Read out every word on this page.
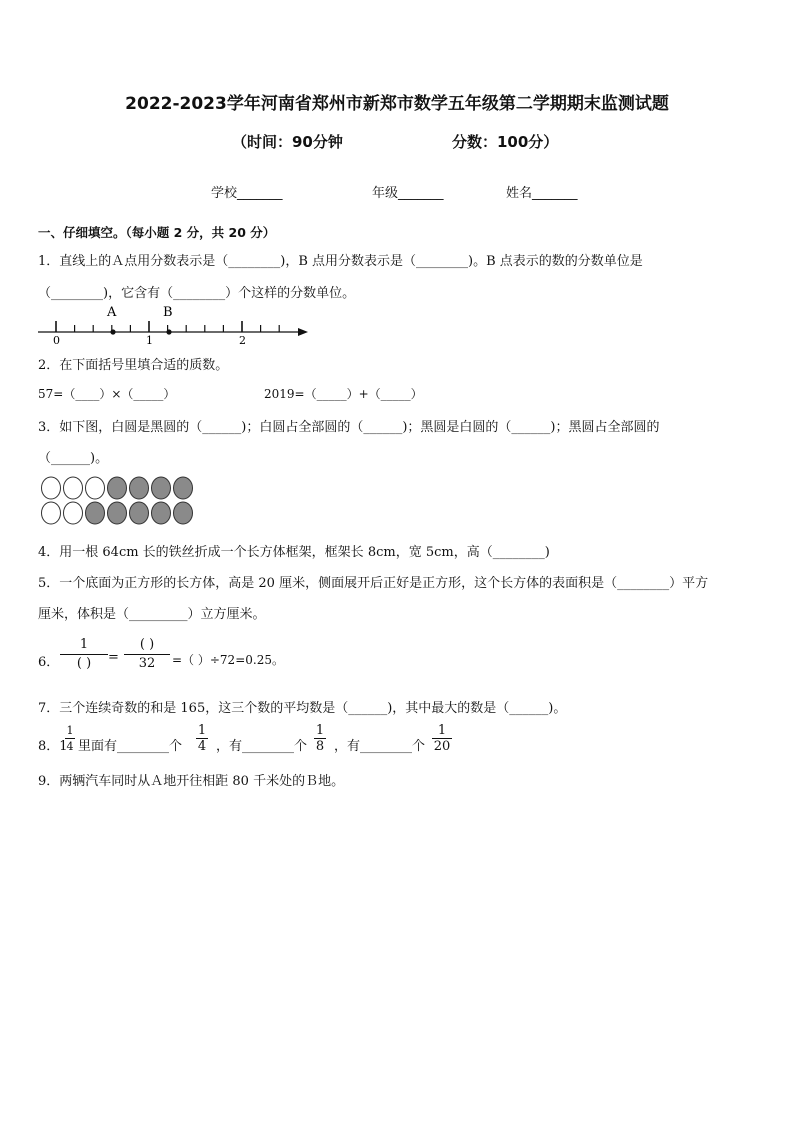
2022-2023学年河南省郑州市新郑市数学五年级第二学期期末监测试题
（时间：90分钟	分数：100分）
学校_______	年级_______	姓名_______
一、仔细填空。（每小题 2 分，共 20 分）
1．直线上的Ａ点用分数表示是（________)，B 点用分数表示是（________)。B 点表示的数的分数单位是
（________)，它含有（________）个这样的分数单位。
A	B
0	1	2
2．在下面括号里填合适的质数。
57=（____）×（_____）	2019=（_____）+（_____）
3．如下图，白圆是黑圆的（______)；白圆占全部圆的（______)；黑圆是白圆的（______)；黑圆占全部圆的
（______)。
4．用一根 64cm 长的铁丝折成一个长方体框架，框架长 8cm，宽 5cm，高（________)
5．一个底面为正方形的长方体，高是 20 厘米，侧面展开后正好是正方形，这个长方体的表面积是（________）平方
厘米，体积是（_________）立方厘米。
6．
1
( )	=
( )
32	=（ ）÷72=0.25。
7．三个连续奇数的和是 165，这三个数的平均数是（______)，其中最大的数是（______)。
8．1
1
4 里面有________个
1
4 ，有________个
1
8 ，有________个
1
20
9．两辆汽车同时从Ａ地开往相距 80 千米处的Ｂ地。
